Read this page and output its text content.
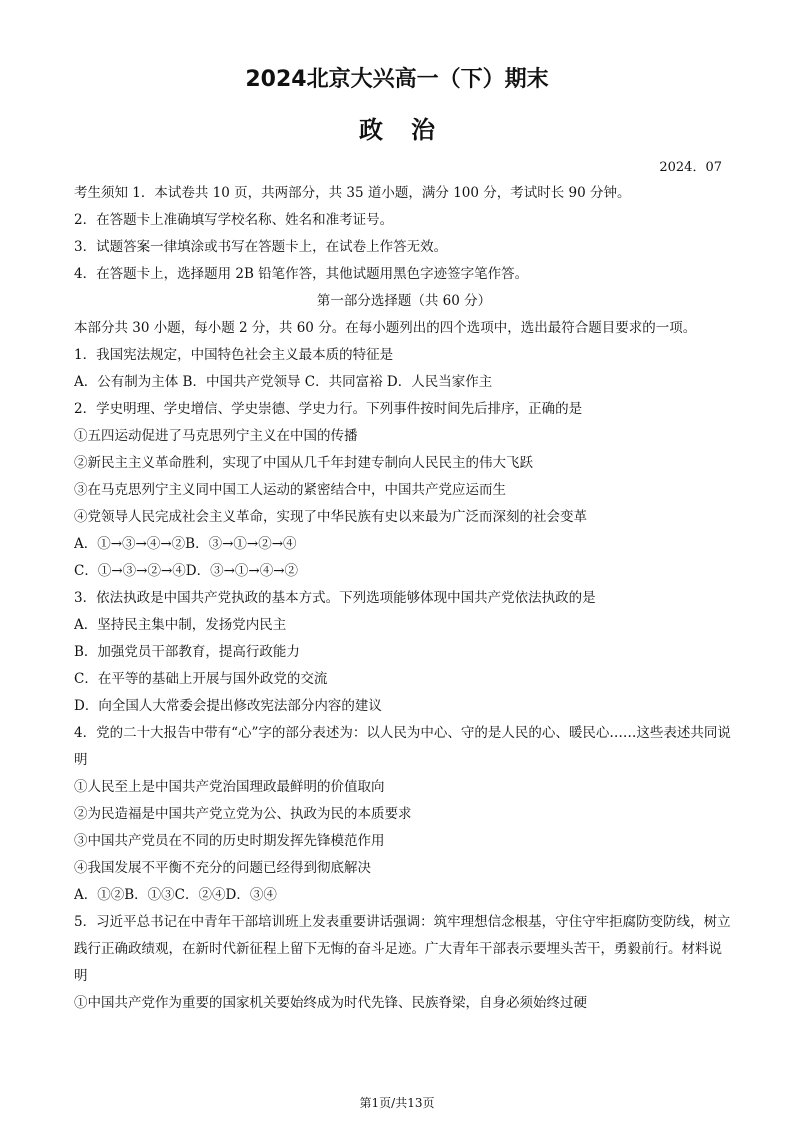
2024北京大兴高一（下）期末
政治
2024．07
考生须知 1．本试卷共 10 页，共两部分，共 35 道小题，满分 100 分，考试时长 90 分钟。
2．在答题卡上准确填写学校名称、姓名和准考证号。
3．试题答案一律填涂或书写在答题卡上，在试卷上作答无效。
4．在答题卡上，选择题用 2B 铅笔作答，其他试题用黑色字迹签字笔作答。
第一部分选择题（共 60 分）
本部分共 30 小题，每小题 2 分，共 60 分。在每小题列出的四个选项中，选出最符合题目要求的一项。
1．我国宪法规定，中国特色社会主义最本质的特征是
A．公有制为主体 B．中国共产党领导 C．共同富裕 D．人民当家作主
2．学史明理、学史增信、学史崇德、学史力行。下列事件按时间先后排序，正确的是
①五四运动促进了马克思列宁主义在中国的传播
②新民主主义革命胜利，实现了中国从几千年封建专制向人民民主的伟大飞跃
③在马克思列宁主义同中国工人运动的紧密结合中，中国共产党应运而生
④党领导人民完成社会主义革命，实现了中华民族有史以来最为广泛而深刻的社会变革
A．①→③→④→②B．③→①→②→④
C．①→③→②→④D．③→①→④→②
3．依法执政是中国共产党执政的基本方式。下列选项能够体现中国共产党依法执政的是
A．坚持民主集中制，发扬党内民主
B．加强党员干部教育，提高行政能力
C．在平等的基础上开展与国外政党的交流
D．向全国人大常委会提出修改宪法部分内容的建议
4．党的二十大报告中带有“心”字的部分表述为：以人民为中心、守的是人民的心、暖民心……这些表述共同说明
①人民至上是中国共产党治国理政最鲜明的价值取向
②为民造福是中国共产党立党为公、执政为民的本质要求
③中国共产党员在不同的历史时期发挥先锋模范作用
④我国发展不平衡不充分的问题已经得到彻底解决
A．①②B．①③C．②④D．③④
5．习近平总书记在中青年干部培训班上发表重要讲话强调：筑牢理想信念根基，守住守牢拒腐防变防线，树立践行正确政绩观，在新时代新征程上留下无悔的奋斗足迹。广大青年干部表示要埋头苦干，勇毅前行。材料说明
①中国共产党作为重要的国家机关要始终成为时代先锋、民族脊梁，自身必须始终过硬
第1页/共13页
